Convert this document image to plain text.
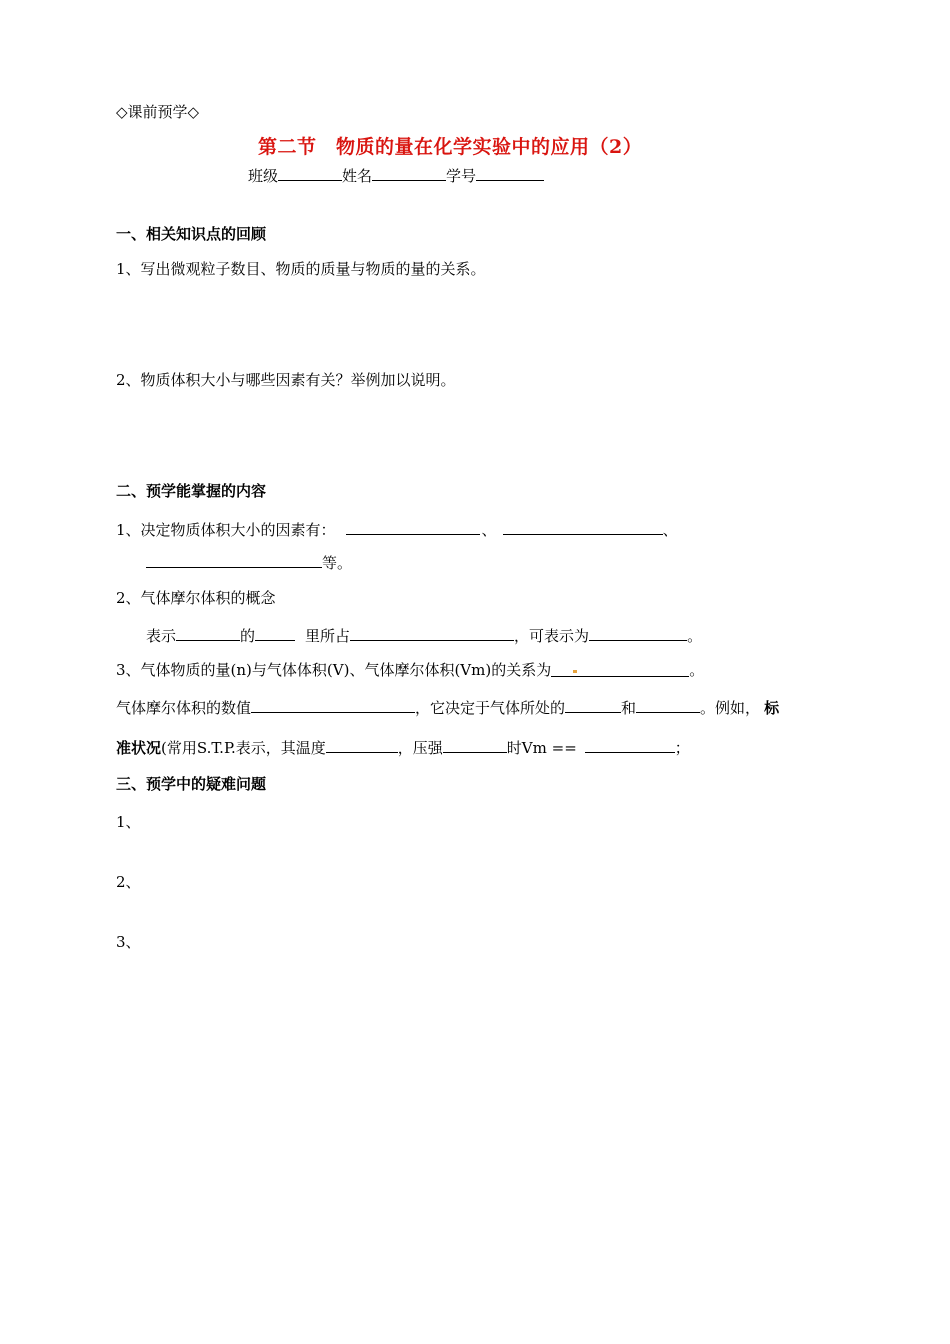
◇课前预学◇
第二节　物质的量在化学实验中的应用（2）
班级	姓名	学号
一、相关知识点的回顾
1、写出微观粒子数目、物质的质量与物质的量的关系。
2、物质体积大小与哪些因素有关？举例加以说明。
二、预学能掌握的内容
1、决定物质体积大小的因素有：	、	、
等。
2、气体摩尔体积的概念
表示	的	里所占	，可表示为	。
3、气体物质的量(n)与气体体积(V)、气体摩尔体积(Vm)的关系为	。
气体摩尔体积的数值	，它决定于气体所处的	和	。例如， 标
准状况(常用S.T.P.表示，其温度	，压强	时Vm ==	；
三、预学中的疑难问题
1、
2、
3、
